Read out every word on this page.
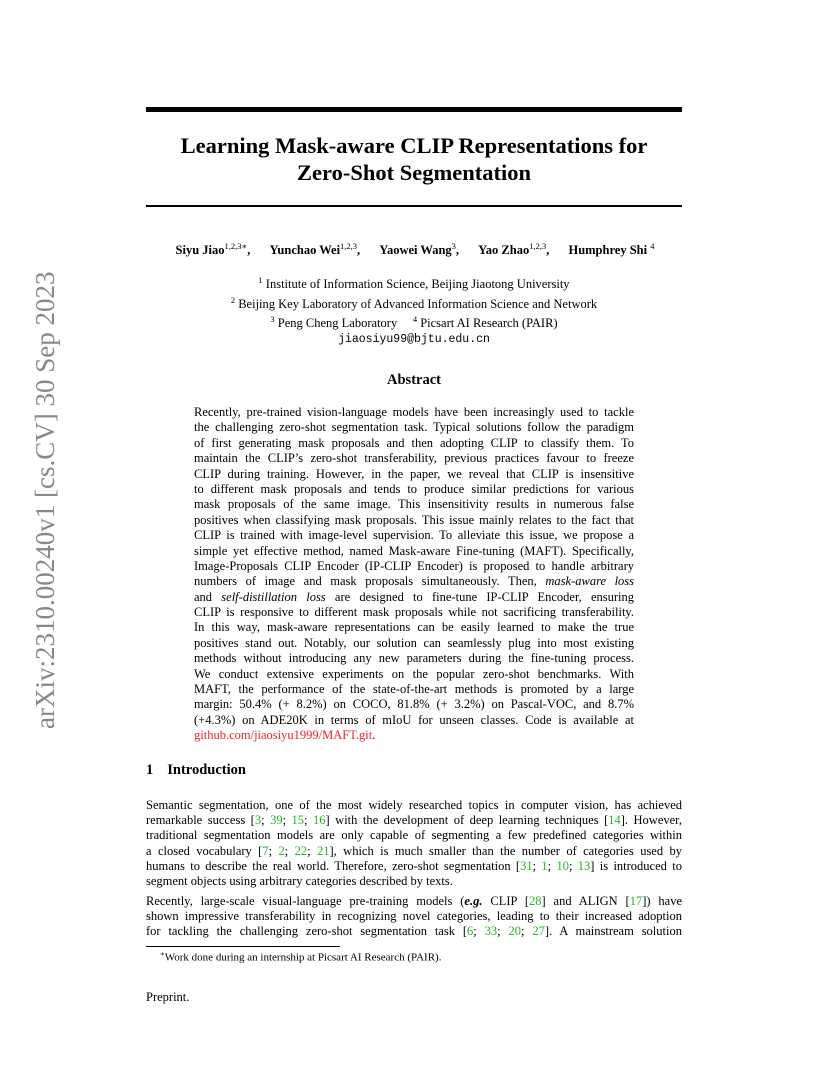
arXiv:2310.00240v1 [cs.CV] 30 Sep 2023
Learning Mask-aware CLIP Representations for
Zero-Shot Segmentation
Siyu Jiao$^{1,2,3∗}$, Yunchao Wei$^{1,2,3}$, Yaowei Wang$^3$, Yao Zhao$^{1,2,3}$, Humphrey Shi $^4$
$^1$ Institute of Information Science, Beijing Jiaotong University
$^2$ Beijing Key Laboratory of Advanced Information Science and Network
$^3$ Peng Cheng Laboratory $^4$ Picsart AI Research (PAIR)
jiaosiyu99@bjtu.edu.cn
Abstract
Recently, pre-trained vision-language models have been increasingly used to tackle
the challenging zero-shot segmentation task. Typical solutions follow the paradigm
of first generating mask proposals and then adopting CLIP to classify them. To
maintain the CLIP’s zero-shot transferability, previous practices favour to freeze
CLIP during training. However, in the paper, we reveal that CLIP is insensitive
to different mask proposals and tends to produce similar predictions for various
mask proposals of the same image. This insensitivity results in numerous false
positives when classifying mask proposals. This issue mainly relates to the fact that
CLIP is trained with image-level supervision. To alleviate this issue, we propose a
simple yet effective method, named Mask-aware Fine-tuning (MAFT). Specifically,
Image-Proposals CLIP Encoder (IP-CLIP Encoder) is proposed to handle arbitrary
numbers of image and mask proposals simultaneously. Then, mask-aware loss
and self-distillation loss are designed to fine-tune IP-CLIP Encoder, ensuring
CLIP is responsive to different mask proposals while not sacrificing transferability.
In this way, mask-aware representations can be easily learned to make the true
positives stand out. Notably, our solution can seamlessly plug into most existing
methods without introducing any new parameters during the fine-tuning process.
We conduct extensive experiments on the popular zero-shot benchmarks. With
MAFT, the performance of the state-of-the-art methods is promoted by a large
margin: 50.4% (+ 8.2%) on COCO, 81.8% (+ 3.2%) on Pascal-VOC, and 8.7%
(+4.3%) on ADE20K in terms of mIoU for unseen classes. Code is available at
github.com/jiaosiyu1999/MAFT.git.
1 Introduction
Semantic segmentation, one of the most widely researched topics in computer vision, has achieved
remarkable success [3; 39; 15; 16] with the development of deep learning techniques [14]. However,
traditional segmentation models are only capable of segmenting a few predefined categories within
a closed vocabulary [7; 2; 22; 21], which is much smaller than the number of categories used by
humans to describe the real world. Therefore, zero-shot segmentation [31; 1; 10; 13] is introduced to
segment objects using arbitrary categories described by texts.
Recently, large-scale visual-language pre-training models (e.g. CLIP [28] and ALIGN [17]) have
shown impressive transferability in recognizing novel categories, leading to their increased adoption
for tackling the challenging zero-shot segmentation task [6; 33; 20; 27]. A mainstream solution
∗Work done during an internship at Picsart AI Research (PAIR).
Preprint.
